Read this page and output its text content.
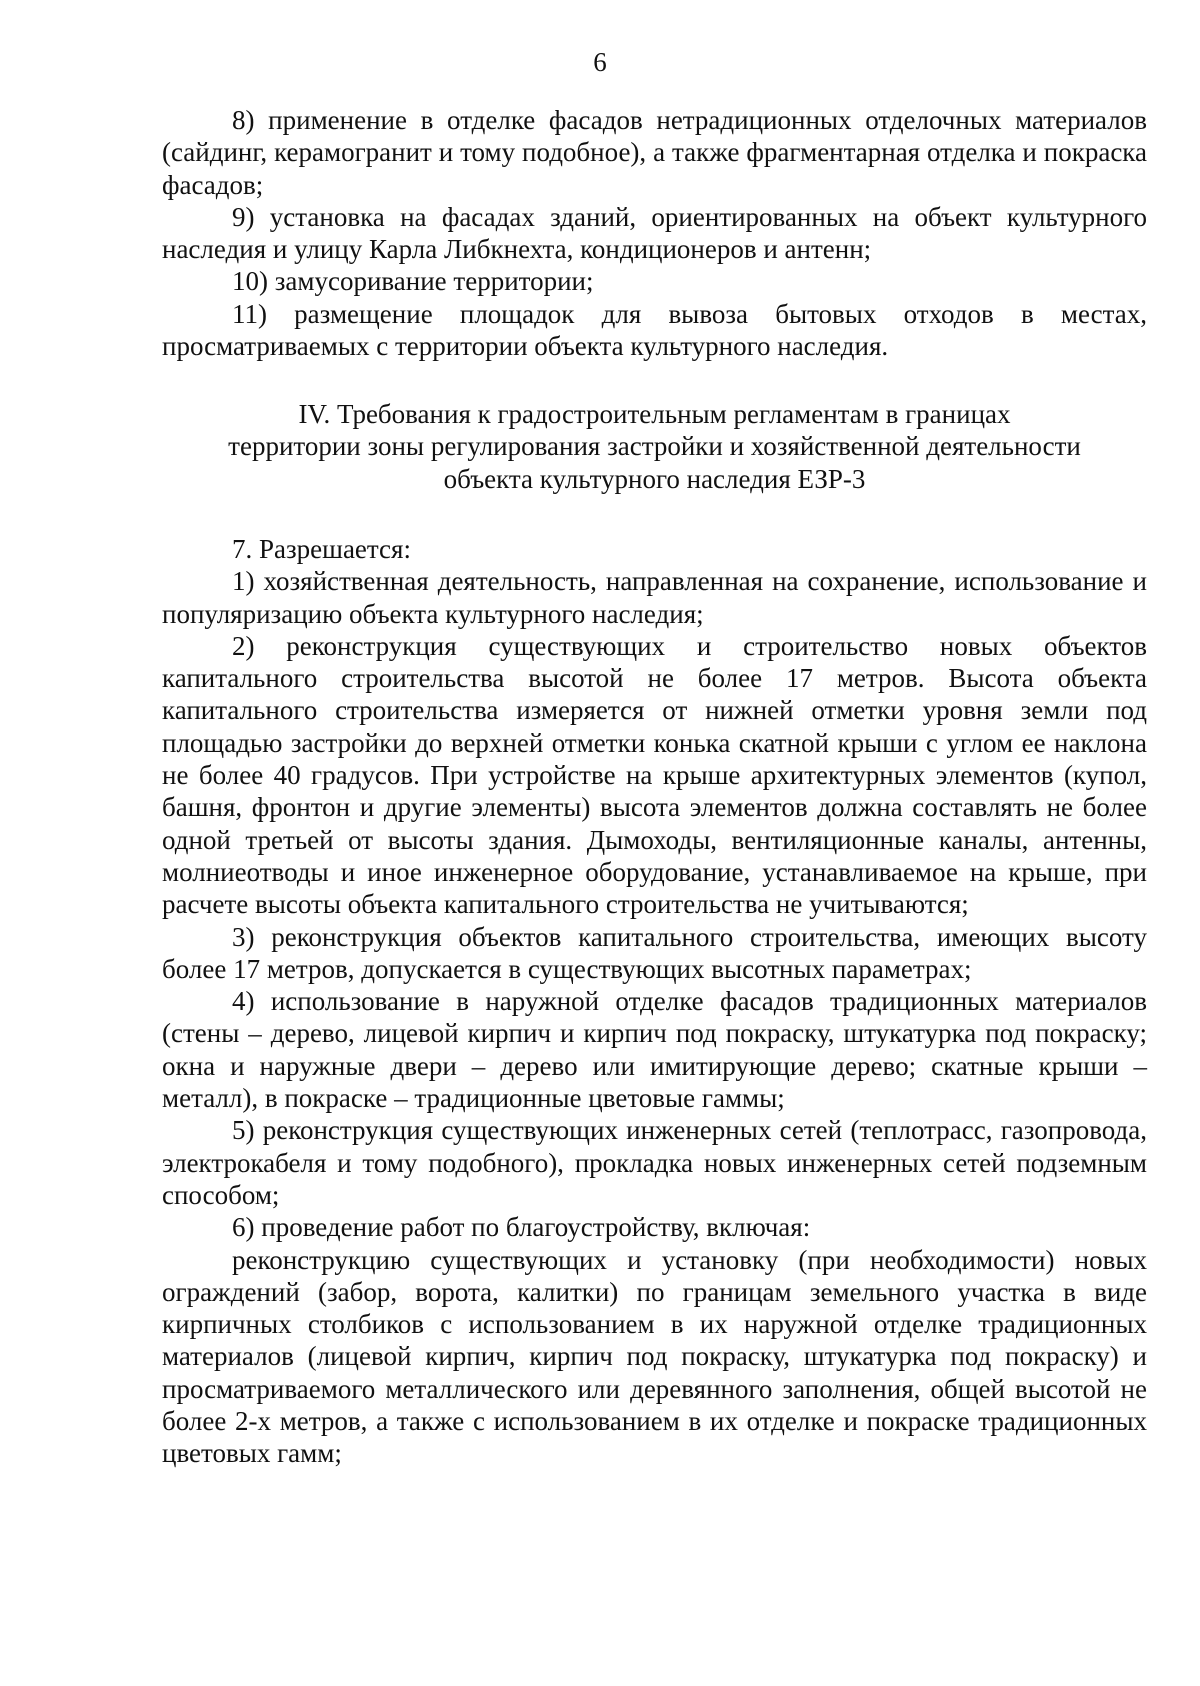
6

8) применение в отделке фасадов нетрадиционных отделочных материалов (сайдинг, керамогранит и тому подобное), а также фрагментарная отделка и покраска фасадов;

9) установка на фасадах зданий, ориентированных на объект культурного наследия и улицу Карла Либкнехта, кондиционеров и антенн;

10) замусоривание территории;

11) размещение площадок для вывоза бытовых отходов в местах, просматриваемых с территории объекта культурного наследия.

IV. Требования к градостроительным регламентам в границах
территории зоны регулирования застройки и хозяйственной деятельности
объекта культурного наследия ЕЗР-3

7. Разрешается:

1) хозяйственная деятельность, направленная на сохранение, использование и популяризацию объекта культурного наследия;

2) реконструкция существующих и строительство новых объектов капитального строительства высотой не более 17 метров. Высота объекта капитального строительства измеряется от нижней отметки уровня земли под площадью застройки до верхней отметки конька скатной крыши с углом ее наклона не более 40 градусов. При устройстве на крыше архитектурных элементов (купол, башня, фронтон и другие элементы) высота элементов должна составлять не более одной третьей от высоты здания. Дымоходы, вентиляционные каналы, антенны, молниеотводы и иное инженерное оборудование, устанавливаемое на крыше, при расчете высоты объекта капитального строительства не учитываются;

3) реконструкция объектов капитального строительства, имеющих высоту более 17 метров, допускается в существующих высотных параметрах;

4) использование в наружной отделке фасадов традиционных материалов (стены – дерево, лицевой кирпич и кирпич под покраску, штукатурка под покраску; окна и наружные двери – дерево или имитирующие дерево; скатные крыши – металл), в покраске – традиционные цветовые гаммы;

5) реконструкция существующих инженерных сетей (теплотрасс, газопровода, электрокабеля и тому подобного), прокладка новых инженерных сетей подземным способом;

6) проведение работ по благоустройству, включая:

реконструкцию существующих и установку (при необходимости) новых ограждений (забор, ворота, калитки) по границам земельного участка в виде кирпичных столбиков с использованием в их наружной отделке традиционных материалов (лицевой кирпич, кирпич под покраску, штукатурка под покраску) и просматриваемого металлического или деревянного заполнения, общей высотой не более 2-х метров, а также с использованием в их отделке и покраске традиционных цветовых гамм;
